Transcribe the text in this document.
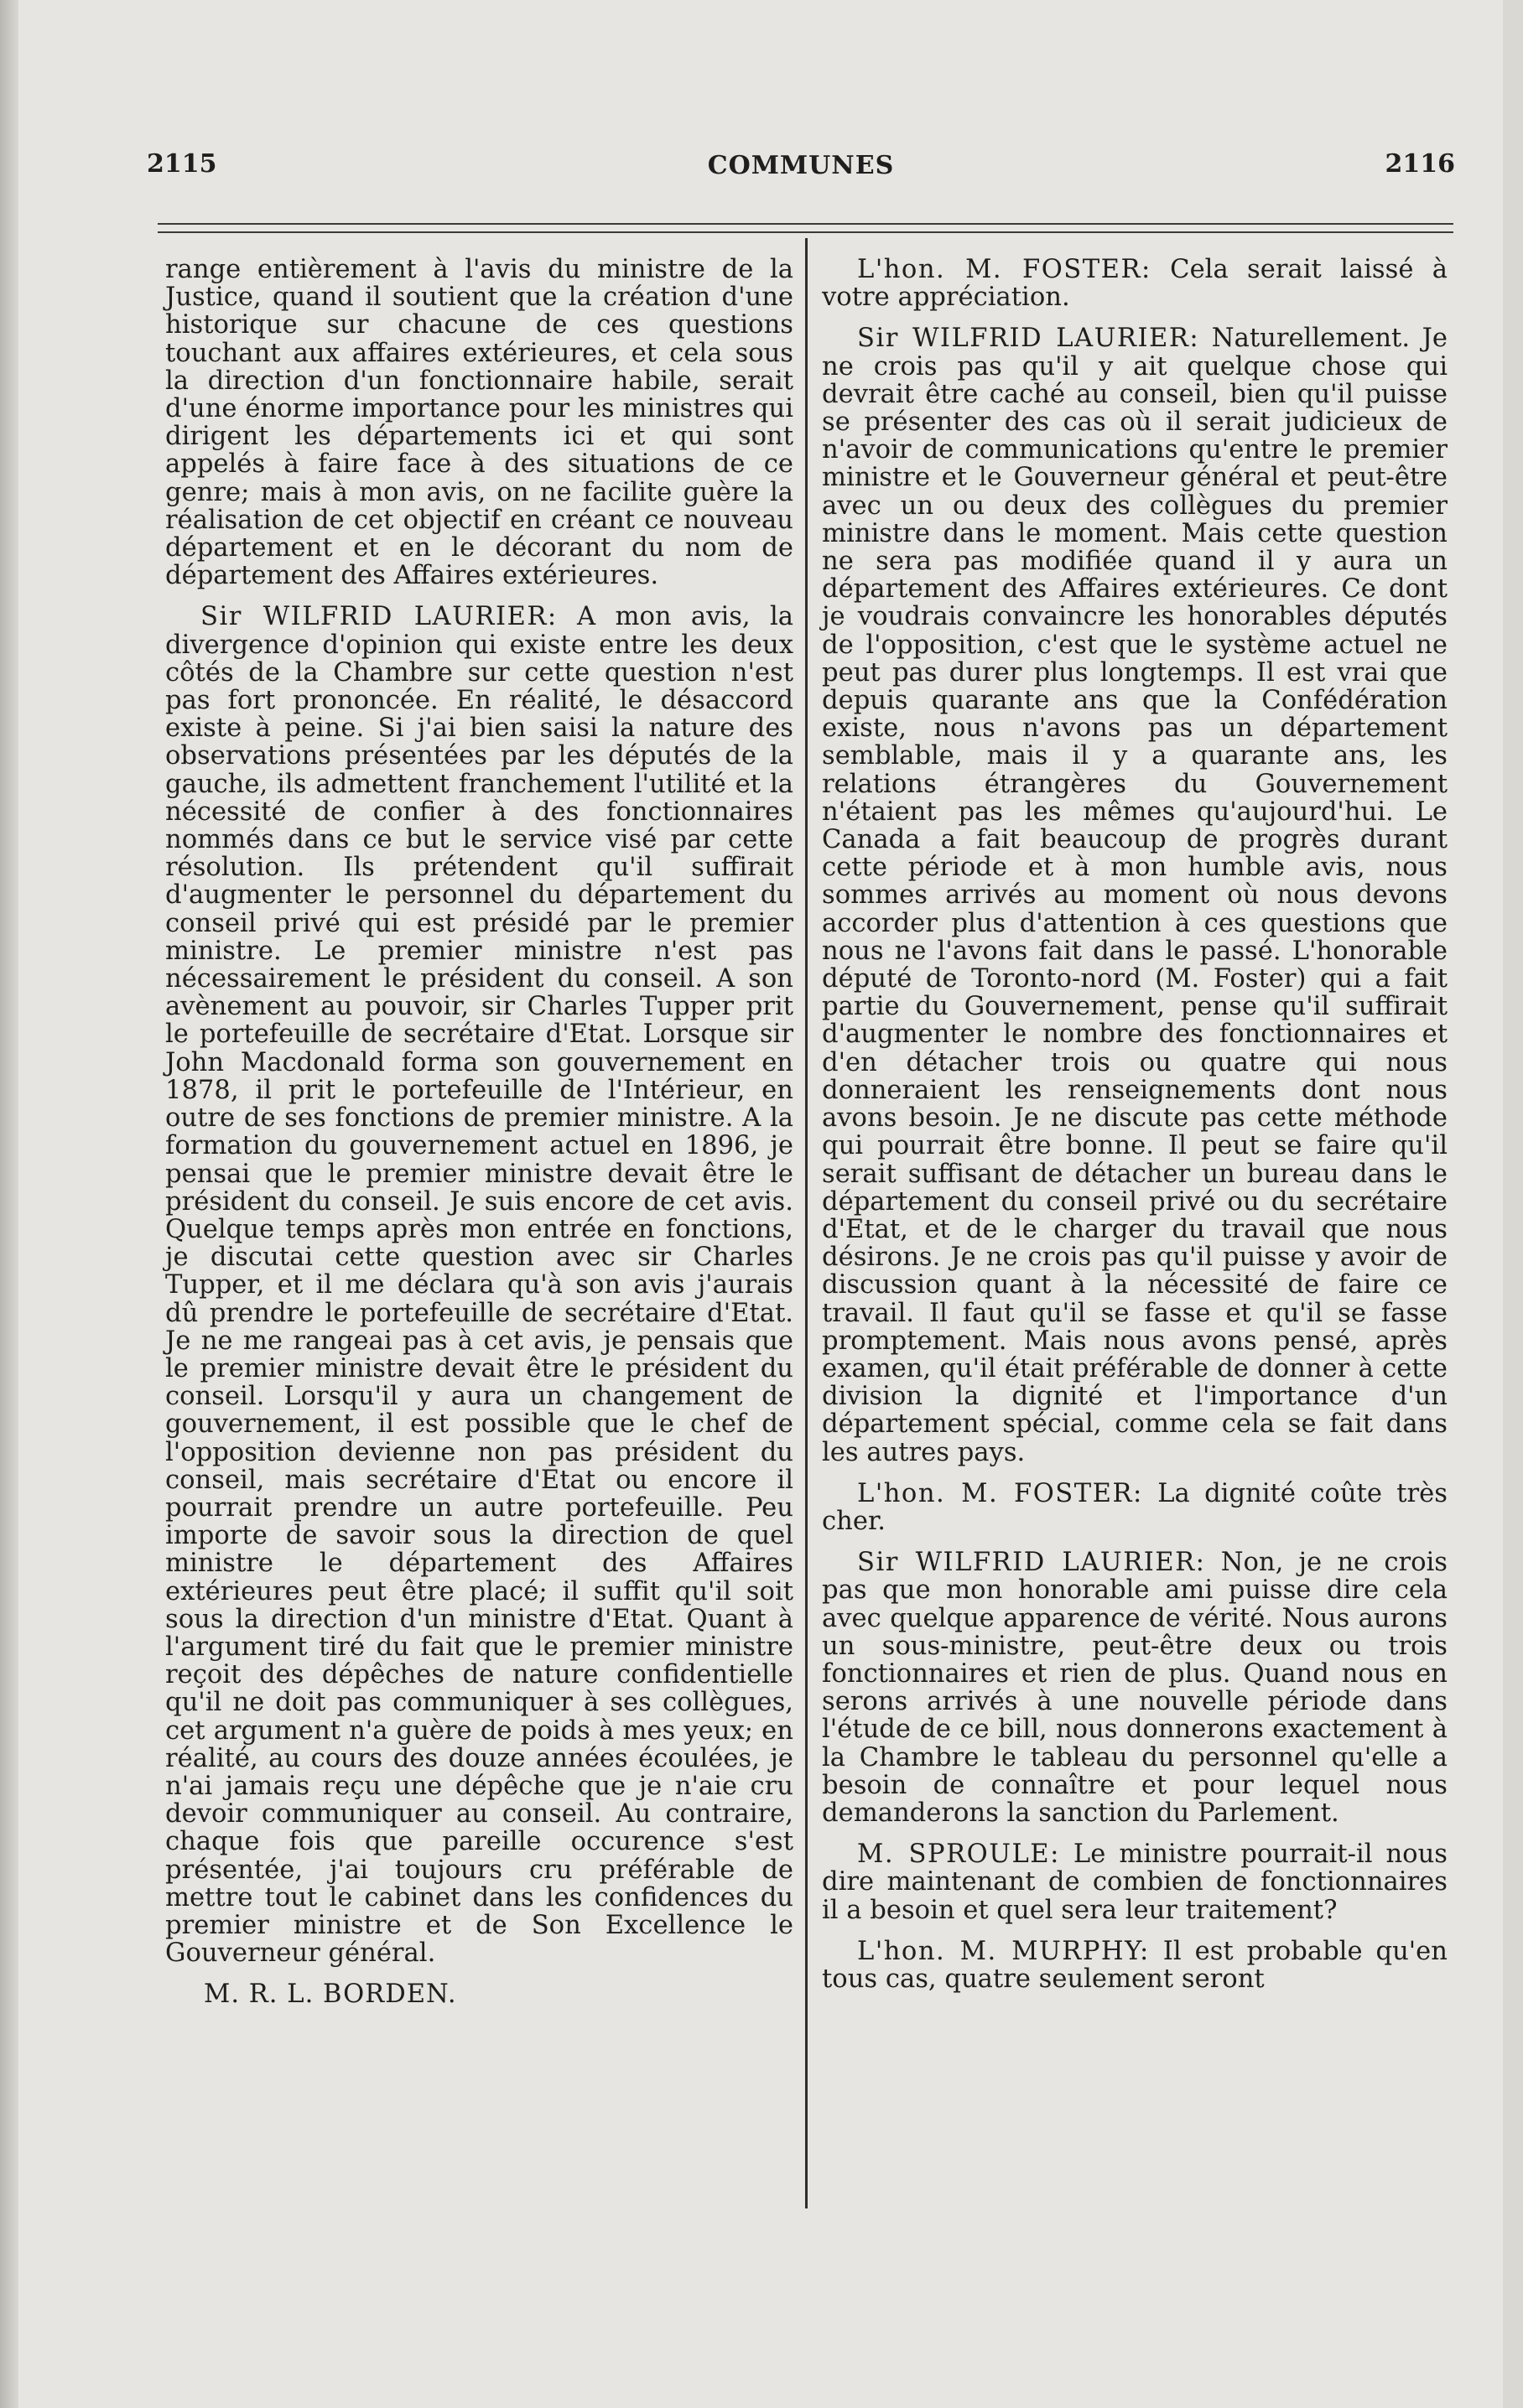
2115	COMMUNES	2116

range entièrement à l'avis du ministre de la Justice, quand il soutient que la création d'une historique sur chacune de ces questions touchant aux affaires extérieures, et cela sous la direction d'un fonctionnaire habile, serait d'une énorme importance pour les ministres qui dirigent les départements ici et qui sont appelés à faire face à des situations de ce genre; mais à mon avis, on ne facilite guère la réalisation de cet objectif en créant ce nouveau département et en le décorant du nom de département des Affaires extérieures.

Sir WILFRID LAURIER: A mon avis, la divergence d'opinion qui existe entre les deux côtés de la Chambre sur cette question n'est pas fort prononcée. En réalité, le désaccord existe à peine. Si j'ai bien saisi la nature des observations présentées par les députés de la gauche, ils admettent franchement l'utilité et la nécessité de confier à des fonctionnaires nommés dans ce but le service visé par cette résolution. Ils prétendent qu'il suffirait d'augmenter le personnel du département du conseil privé qui est présidé par le premier ministre. Le premier ministre n'est pas nécessairement le président du conseil. A son avènement au pouvoir, sir Charles Tupper prit le portefeuille de secrétaire d'Etat. Lorsque sir John Macdonald forma son gouvernement en 1878, il prit le portefeuille de l'Intérieur, en outre de ses fonctions de premier ministre. A la formation du gouvernement actuel en 1896, je pensai que le premier ministre devait être le président du conseil. Je suis encore de cet avis. Quelque temps après mon entrée en fonctions, je discutai cette question avec sir Charles Tupper, et il me déclara qu'à son avis j'aurais dû prendre le portefeuille de secrétaire d'Etat. Je ne me rangeai pas à cet avis, je pensais que le premier ministre devait être le président du conseil. Lorsqu'il y aura un changement de gouvernement, il est possible que le chef de l'opposition devienne non pas président du conseil, mais secrétaire d'Etat ou encore il pourrait prendre un autre portefeuille. Peu importe de savoir sous la direction de quel ministre le département des Affaires extérieures peut être placé; il suffit qu'il soit sous la direction d'un ministre d'Etat. Quant à l'argument tiré du fait que le premier ministre reçoit des dépêches de nature confidentielle qu'il ne doit pas communiquer à ses collègues, cet argument n'a guère de poids à mes yeux; en réalité, au cours des douze années écoulées, je n'ai jamais reçu une dépêche que je n'aie cru devoir communiquer au conseil. Au contraire, chaque fois que pareille occurence s'est présentée, j'ai toujours cru préférable de mettre tout le cabinet dans les confidences du premier ministre et de Son Excellence le Gouverneur général.

M. R. L. BORDEN.

L'hon. M. FOSTER: Cela serait laissé à votre appréciation.

Sir WILFRID LAURIER: Naturellement. Je ne crois pas qu'il y ait quelque chose qui devrait être caché au conseil, bien qu'il puisse se présenter des cas où il serait judicieux de n'avoir de communications qu'entre le premier ministre et le Gouverneur général et peut-être avec un ou deux des collègues du premier ministre dans le moment. Mais cette question ne sera pas modifiée quand il y aura un département des Affaires extérieures. Ce dont je voudrais convaincre les honorables députés de l'opposition, c'est que le système actuel ne peut pas durer plus longtemps. Il est vrai que depuis quarante ans que la Confédération existe, nous n'avons pas un département semblable, mais il y a quarante ans, les relations étrangères du Gouvernement n'étaient pas les mêmes qu'aujourd'hui. Le Canada a fait beaucoup de progrès durant cette période et à mon humble avis, nous sommes arrivés au moment où nous devons accorder plus d'attention à ces questions que nous ne l'avons fait dans le passé. L'honorable député de Toronto-nord (M. Foster) qui a fait partie du Gouvernement, pense qu'il suffirait d'augmenter le nombre des fonctionnaires et d'en détacher trois ou quatre qui nous donneraient les renseignements dont nous avons besoin. Je ne discute pas cette méthode qui pourrait être bonne. Il peut se faire qu'il serait suffisant de détacher un bureau dans le département du conseil privé ou du secrétaire d'Etat, et de le charger du travail que nous désirons. Je ne crois pas qu'il puisse y avoir de discussion quant à la nécessité de faire ce travail. Il faut qu'il se fasse et qu'il se fasse promptement. Mais nous avons pensé, après examen, qu'il était préférable de donner à cette division la dignité et l'importance d'un département spécial, comme cela se fait dans les autres pays.

L'hon. M. FOSTER: La dignité coûte très cher.

Sir WILFRID LAURIER: Non, je ne crois pas que mon honorable ami puisse dire cela avec quelque apparence de vérité. Nous aurons un sous-ministre, peut-être deux ou trois fonctionnaires et rien de plus. Quand nous en serons arrivés à une nouvelle période dans l'étude de ce bill, nous donnerons exactement à la Chambre le tableau du personnel qu'elle a besoin de connaître et pour lequel nous demanderons la sanction du Parlement.

M. SPROULE: Le ministre pourrait-il nous dire maintenant de combien de fonctionnaires il a besoin et quel sera leur traitement?

L'hon. M. MURPHY: Il est probable qu'en tous cas, quatre seulement seront
